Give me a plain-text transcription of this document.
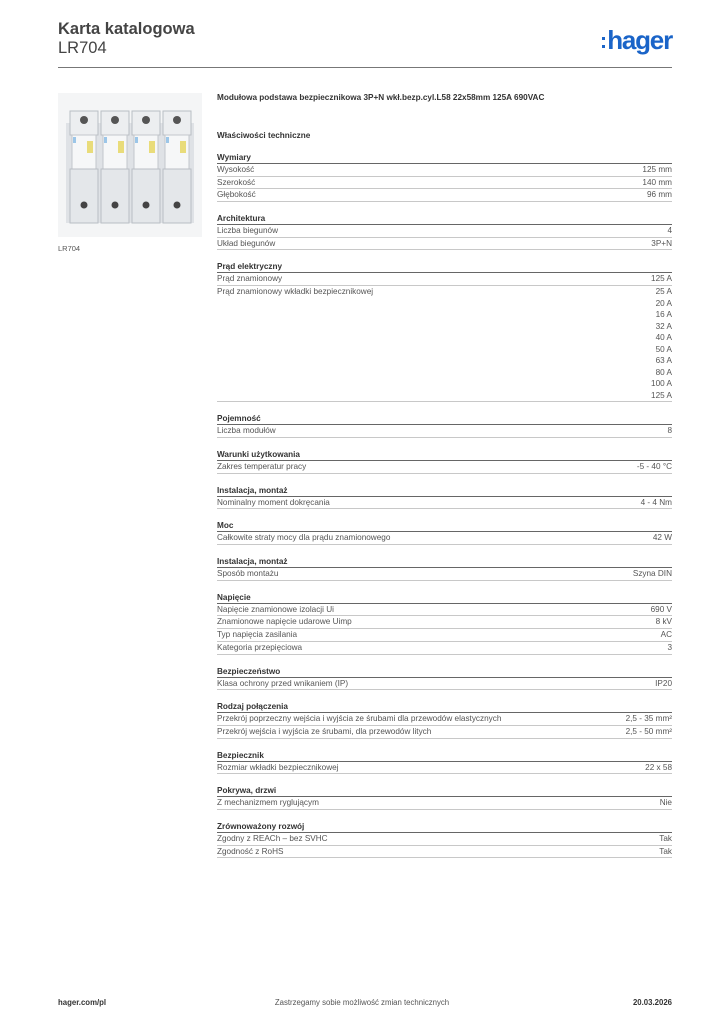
Karta katalogowa
LR704	hager
LR704
Modułowa podstawa bezpiecznikowa 3P+N wkł.bezp.cyl.L58 22x58mm 125A 690VAC
Właściwości techniczne
Wymiary
Wysokość	125 mm
Szerokość	140 mm
Głębokość	96 mm
Architektura
Liczba biegunów	4
Układ biegunów	3P+N
Prąd elektryczny
Prąd znamionowy	125 A
Prąd znamionowy wkładki bezpiecznikowej	25 A
20 A
16 A
32 A
40 A
50 A
63 A
80 A
100 A
125 A
Pojemność
Liczba modułów	8
Warunki użytkowania
Zakres temperatur pracy	-5 - 40 °C
Instalacja, montaż
Nominalny moment dokręcania	4 - 4 Nm
Moc
Całkowite straty mocy dla prądu znamionowego	42 W
Instalacja, montaż
Sposób montażu	Szyna DIN
Napięcie
Napięcie znamionowe izolacji Ui	690 V
Znamionowe napięcie udarowe Uimp	8 kV
Typ napięcia zasilania	AC
Kategoria przepięciowa	3
Bezpieczeństwo
Klasa ochrony przed wnikaniem (IP)	IP20
Rodzaj połączenia
Przekrój poprzeczny wejścia i wyjścia ze śrubami dla przewodów elastycznych	2,5 - 35 mm²
Przekrój wejścia i wyjścia ze śrubami, dla przewodów litych	2,5 - 50 mm²
Bezpiecznik
Rozmiar wkładki bezpiecznikowej	22 x 58
Pokrywa, drzwi
Z mechanizmem ryglującym	Nie
Zrównoważony rozwój
Zgodny z REACh – bez SVHC	Tak
Zgodność z RoHS	Tak
hager.com/pl	Zastrzegamy sobie możliwość zmian technicznych	20.03.2026
